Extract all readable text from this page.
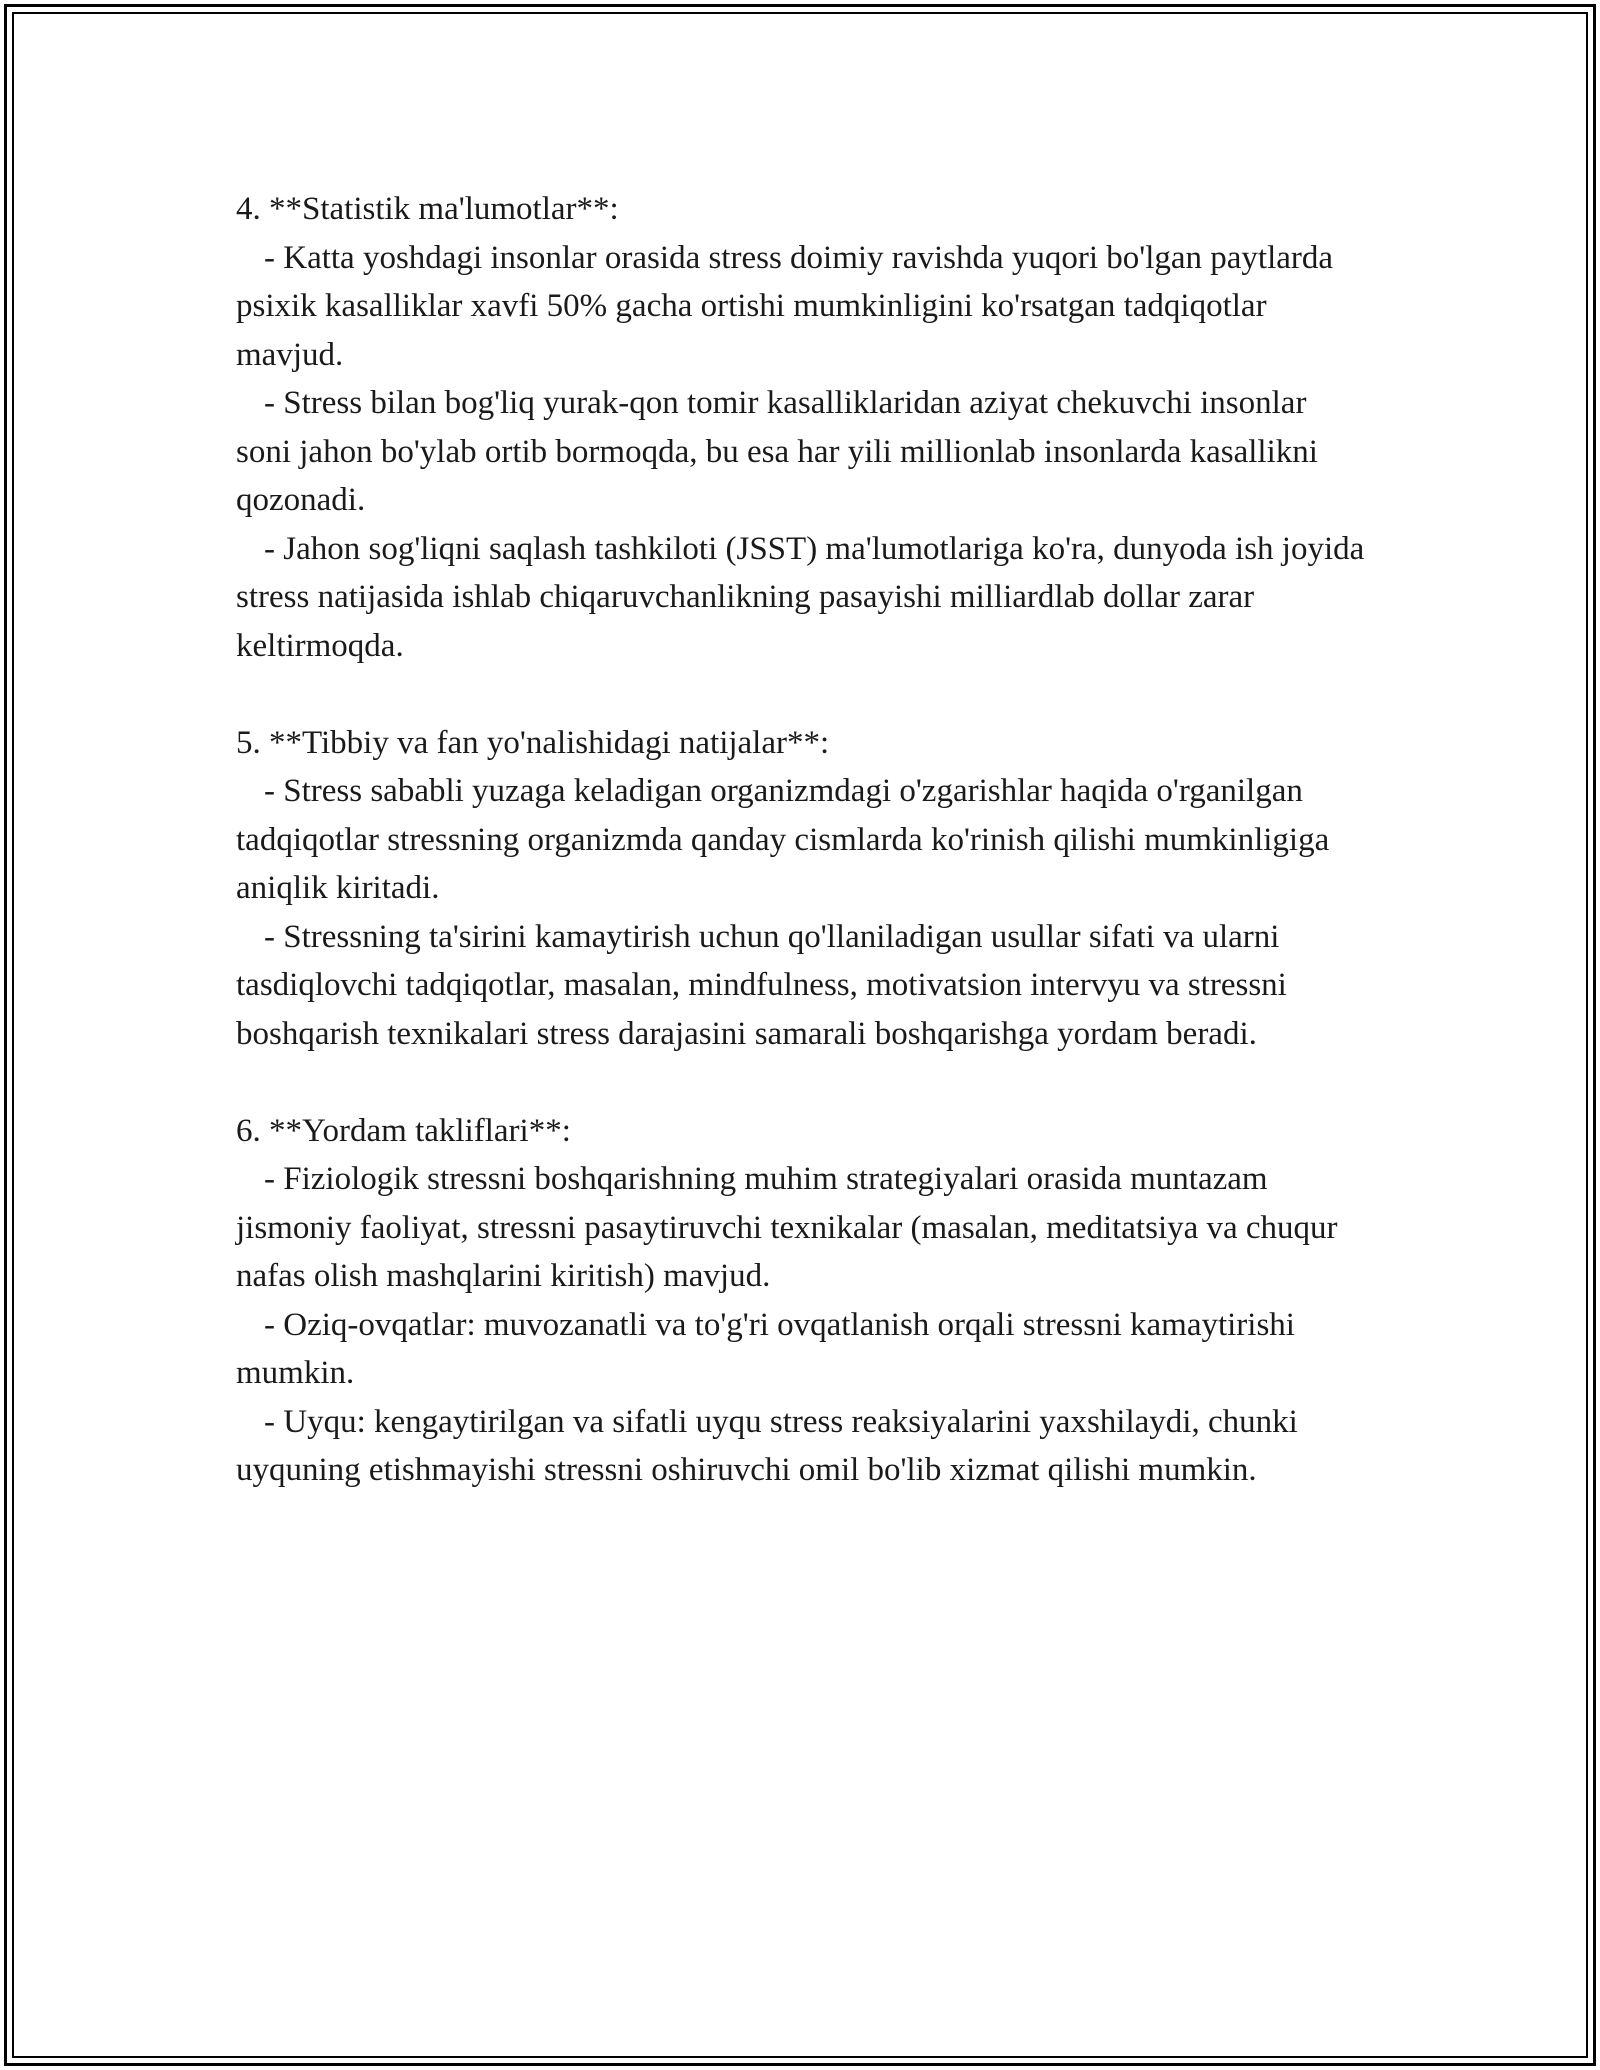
4. **Statistik ma'lumotlar**:

- Katta yoshdagi insonlar orasida stress doimiy ravishda yuqori bo'lgan paytlarda psixik kasalliklar xavfi 50% gacha ortishi mumkinligini ko'rsatgan tadqiqotlar mavjud.

- Stress bilan bog'liq yurak-qon tomir kasalliklaridan aziyat chekuvchi insonlar soni jahon bo'ylab ortib bormoqda, bu esa har yili millionlab insonlarda kasallikni qozonadi.

- Jahon sog'liqni saqlash tashkiloti (JSST) ma'lumotlariga ko'ra, dunyoda ish joyida stress natijasida ishlab chiqaruvchanlikning pasayishi milliardlab dollar zarar keltirmoqda.

5. **Tibbiy va fan yo'nalishidagi natijalar**:

- Stress sababli yuzaga keladigan organizmdagi o'zgarishlar haqida o'rganilgan tadqiqotlar stressning organizmda qanday cismlarda ko'rinish qilishi mumkinligiga aniqlik kiritadi.

- Stressning ta'sirini kamaytirish uchun qo'llaniladigan usullar sifati va ularni tasdiqlovchi tadqiqotlar, masalan, mindfulness, motivatsion intervyu va stressni boshqarish texnikalari stress darajasini samarali boshqarishga yordam beradi.

6. **Yordam takliflari**:

- Fiziologik stressni boshqarishning muhim strategiyalari orasida muntazam jismoniy faoliyat, stressni pasaytiruvchi texnikalar (masalan, meditatsiya va chuqur nafas olish mashqlarini kiritish) mavjud.

- Oziq-ovqatlar: muvozanatli va to'g'ri ovqatlanish orqali stressni kamaytirishi mumkin.

- Uyqu: kengaytirilgan va sifatli uyqu stress reaksiyalarini yaxshilaydi, chunki uyquning etishmayishi stressni oshiruvchi omil bo'lib xizmat qilishi mumkin.
